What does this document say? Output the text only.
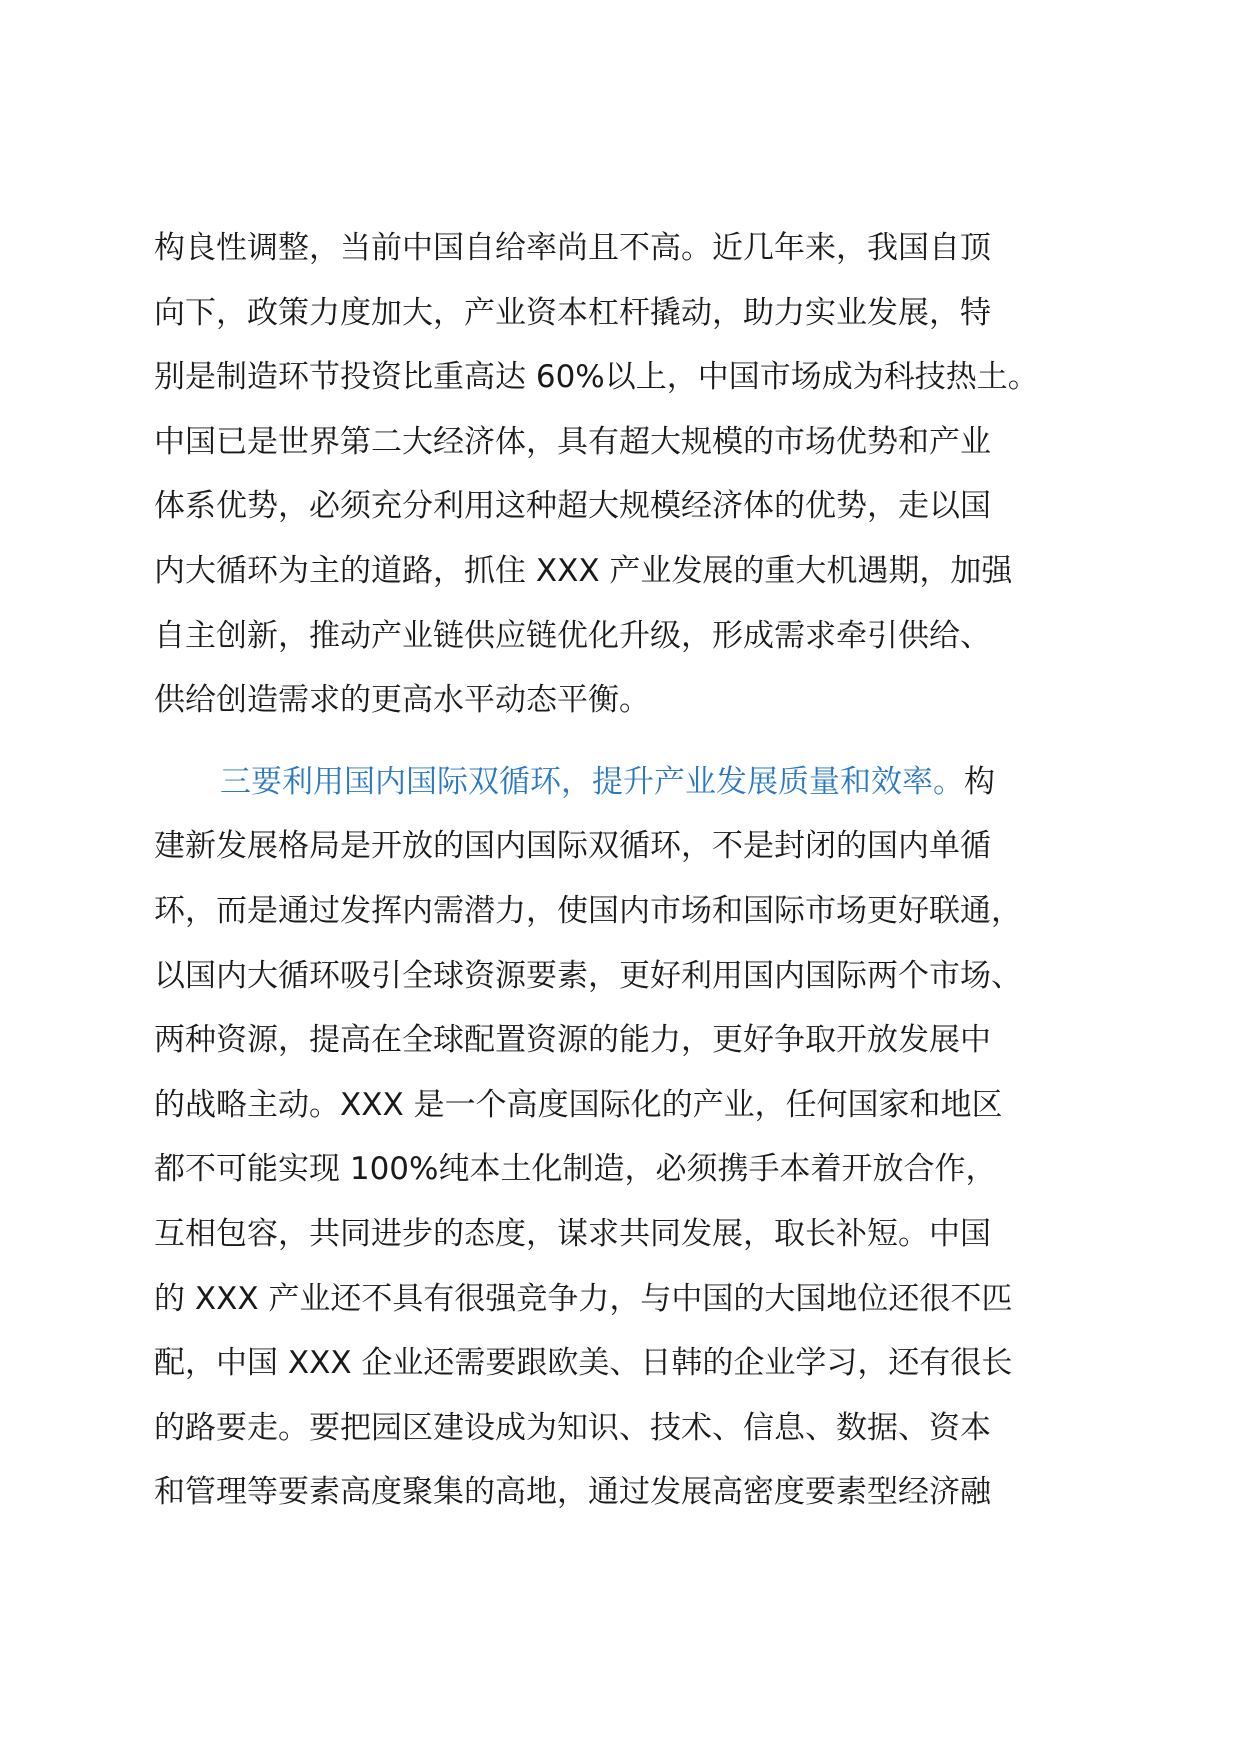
构良性调整，当前中国自给率尚且不高。近几年来，我国自顶
向下，政策力度加大，产业资本杠杆撬动，助力实业发展，特
别是制造环节投资比重高达 60%以上，中国市场成为科技热土。
中国已是世界第二大经济体，具有超大规模的市场优势和产业
体系优势，必须充分利用这种超大规模经济体的优势，走以国
内大循环为主的道路，抓住 XXX 产业发展的重大机遇期，加强
自主创新，推动产业链供应链优化升级，形成需求牵引供给、
供给创造需求的更高水平动态平衡。
三要利用国内国际双循环，提升产业发展质量和效率。构
建新发展格局是开放的国内国际双循环，不是封闭的国内单循
环，而是通过发挥内需潜力，使国内市场和国际市场更好联通，
以国内大循环吸引全球资源要素，更好利用国内国际两个市场、
两种资源，提高在全球配置资源的能力，更好争取开放发展中
的战略主动。XXX 是一个高度国际化的产业，任何国家和地区
都不可能实现 100%纯本土化制造，必须携手本着开放合作，
互相包容，共同进步的态度，谋求共同发展，取长补短。中国
的 XXX 产业还不具有很强竞争力，与中国的大国地位还很不匹
配，中国 XXX 企业还需要跟欧美、日韩的企业学习，还有很长
的路要走。要把园区建设成为知识、技术、信息、数据、资本
和管理等要素高度聚集的高地，通过发展高密度要素型经济融
